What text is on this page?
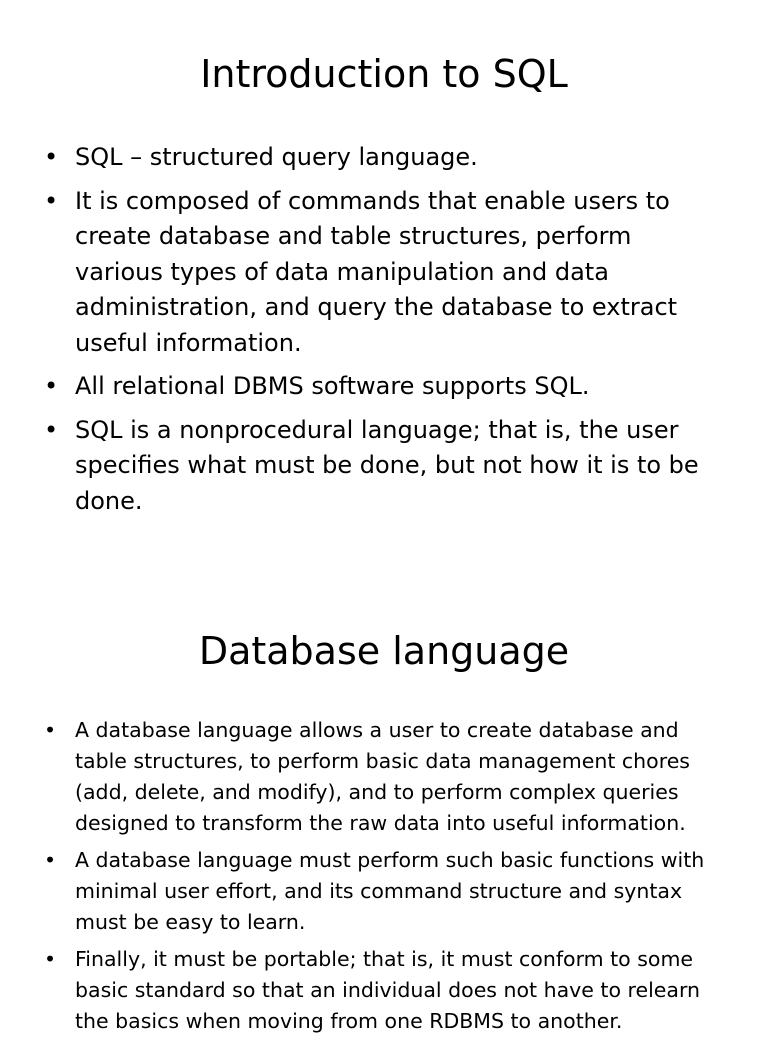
Introduction to SQL
• SQL – structured query language.
• It is composed of commands that enable users to create database and table structures, perform various types of data manipulation and data administration, and query the database to extract useful information.
• All relational DBMS software supports SQL.
• SQL is a nonprocedural language; that is, the user specifies what must be done, but not how it is to be done.
Database language
• A database language allows a user to create database and table structures, to perform basic data management chores (add, delete, and modify), and to perform complex queries designed to transform the raw data into useful information.
• A database language must perform such basic functions with minimal user effort, and its command structure and syntax must be easy to learn.
• Finally, it must be portable; that is, it must conform to some basic standard so that an individual does not have to relearn the basics when moving from one RDBMS to another.
